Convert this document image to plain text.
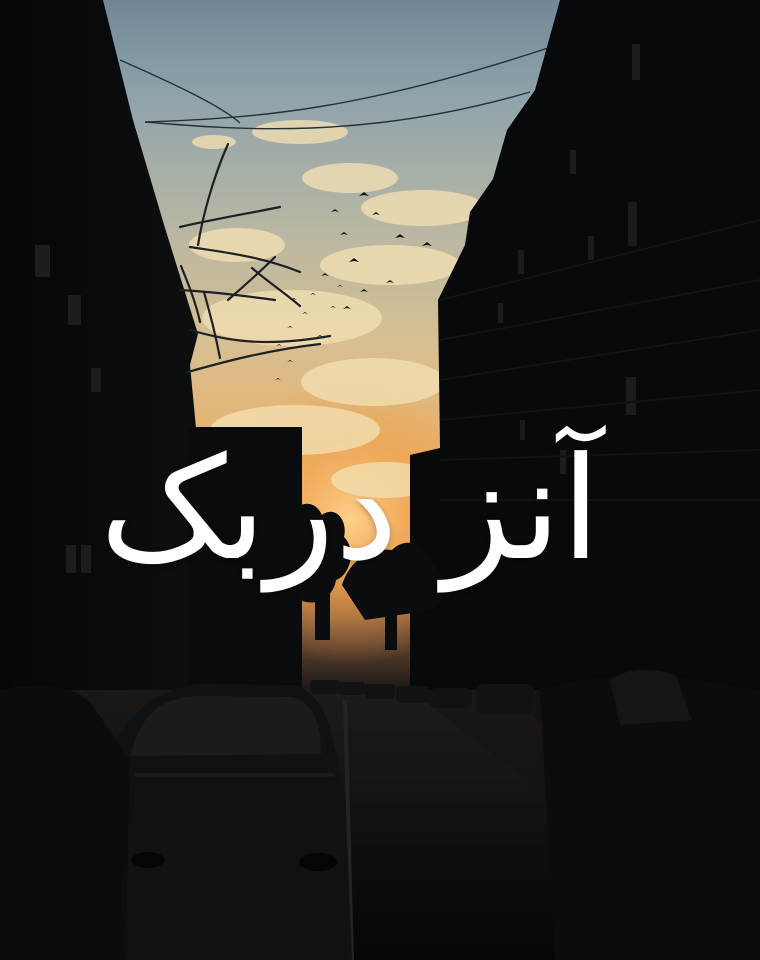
آنز دربک
